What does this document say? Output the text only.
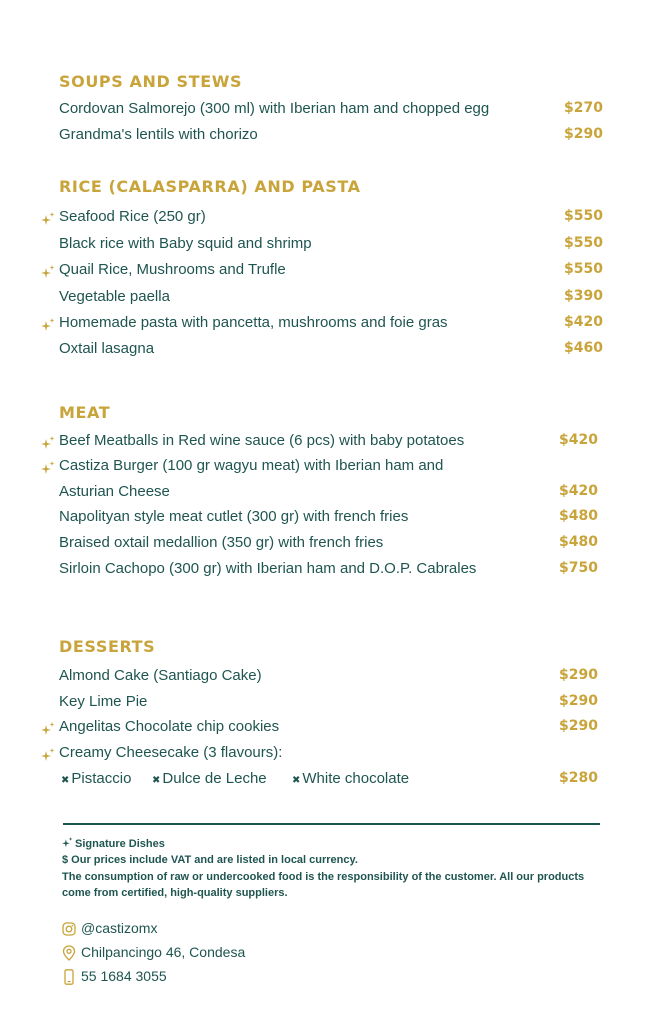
SOUPS AND STEWS
Cordovan Salmorejo (300 ml) with Iberian ham and chopped egg	$270
Grandma's lentils with chorizo	$290
RICE (CALASPARRA) AND PASTA
Seafood Rice (250 gr)	$550
Black rice with Baby squid and shrimp	$550
Quail Rice, Mushrooms and Trufle	$550
Vegetable paella	$390
Homemade pasta with pancetta, mushrooms and foie gras	$420
Oxtail lasagna	$460
MEAT
Beef Meatballs in Red wine sauce (6 pcs) with baby potatoes	$420
Castiza Burger (100 gr wagyu meat) with Iberian ham and
Asturian Cheese	$420
Napolityan style meat cutlet (300 gr) with french fries	$480
Braised oxtail medallion (350 gr) with french fries	$480
Sirloin Cachopo (300 gr) with Iberian ham and D.O.P. Cabrales	$750
DESSERTS
Almond Cake (Santiago Cake)	$290
Key Lime Pie	$290
Angelitas Chocolate chip cookies	$290
Creamy Cheesecake (3 flavours):
✖ Pistaccio ✖ Dulce de Leche	✖ White chocolate	$280
Signature Dishes
$ Our prices include VAT and are listed in local currency.
The consumption of raw or undercooked food is the responsibility of the customer. All our products come from certified, high-quality suppliers.
@castizomx
Chilpancingo 46, Condesa
55 1684 3055
